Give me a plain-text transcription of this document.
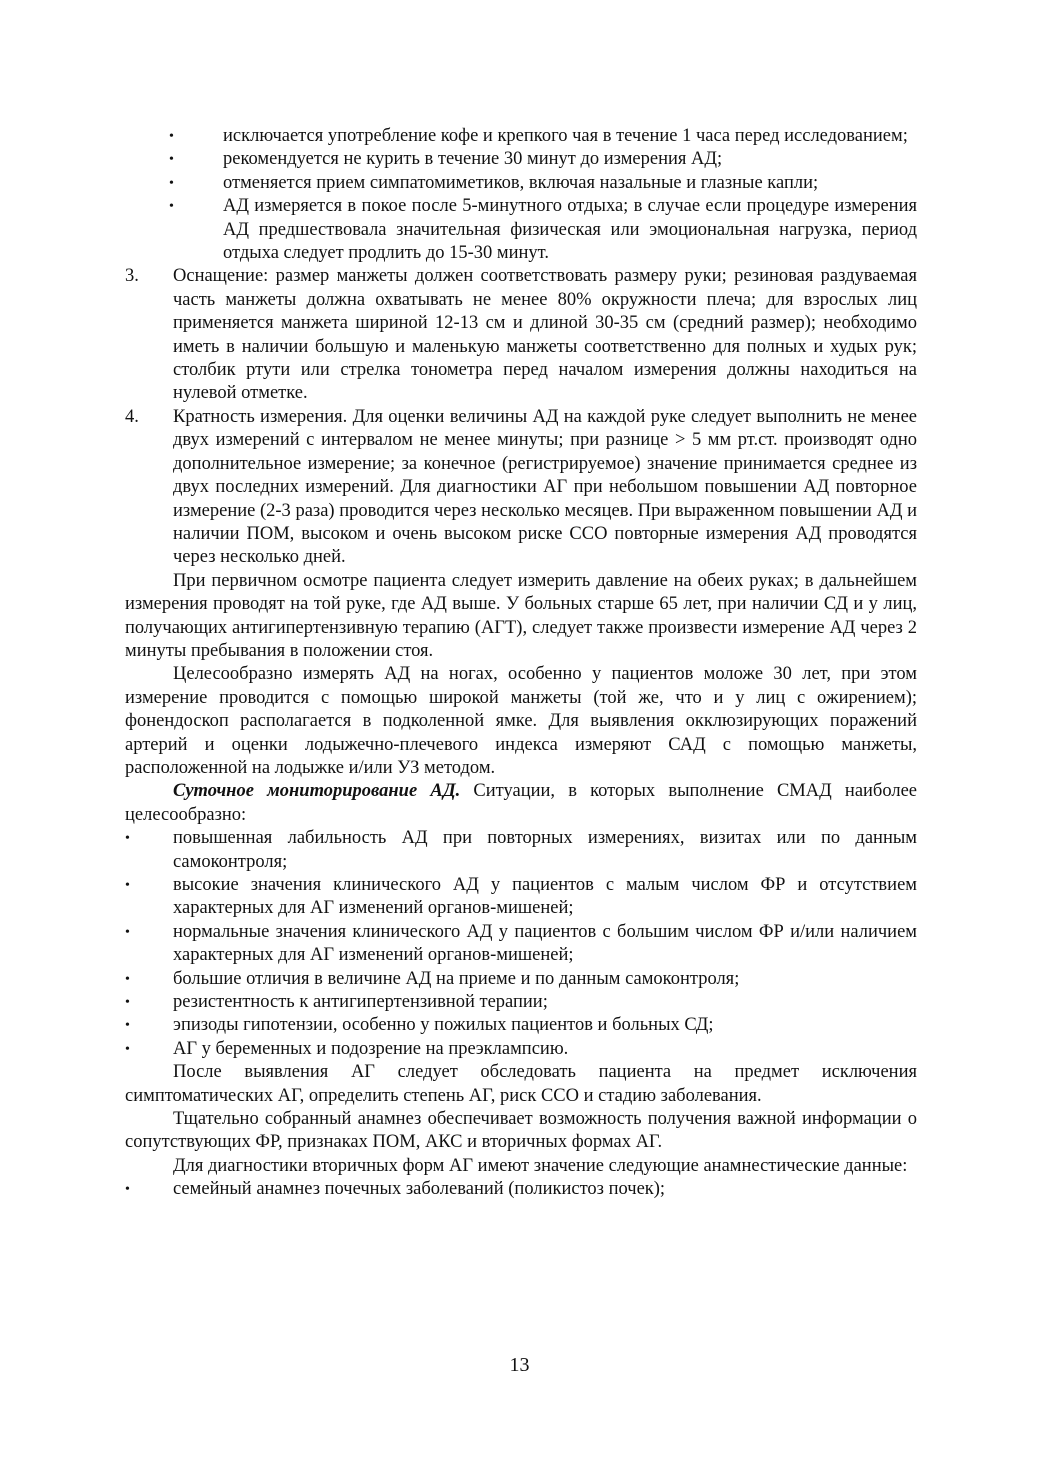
•	исключается употребление кофе и крепкого чая в течение 1 часа перед исследованием;
•	рекомендуется не курить в течение 30 минут до измерения АД;
•	отменяется прием симпатомиметиков, включая назальные и глазные капли;
•	АД измеряется в покое после 5-минутного отдыха; в случае если процедуре измерения АД предшествовала значительная физическая или эмоциональная нагрузка, период отдыха следует продлить до 15-30 минут.
3. Оснащение: размер манжеты должен соответствовать размеру руки; резиновая раздуваемая часть манжеты должна охватывать не менее 80% окружности плеча; для взрослых лиц применяется манжета шириной 12-13 см и длиной 30-35 см (средний размер); необходимо иметь в наличии большую и маленькую манжеты соответственно для полных и худых рук; столбик ртути или стрелка тонометра перед началом измерения должны находиться на нулевой отметке.
4. Кратность измерения. Для оценки величины АД на каждой руке следует выполнить не менее двух измерений с интервалом не менее минуты; при разнице > 5 мм рт.ст. производят одно дополнительное измерение; за конечное (регистрируемое) значение принимается среднее из двух последних измерений. Для диагностики АГ при небольшом повышении АД повторное измерение (2-3 раза) проводится через несколько месяцев. При выраженном повышении АД и наличии ПОМ, высоком и очень высоком риске ССО повторные измерения АД проводятся через несколько дней.

При первичном осмотре пациента следует измерить давление на обеих руках; в дальнейшем измерения проводят на той руке, где АД выше. У больных старше 65 лет, при наличии СД и у лиц, получающих антигипертензивную терапию (АГТ), следует также произвести измерение АД через 2 минуты пребывания в положении стоя.

Целесообразно измерять АД на ногах, особенно у пациентов моложе 30 лет, при этом измерение проводится с помощью широкой манжеты (той же, что и у лиц с ожирением); фонендоскоп располагается в подколенной ямке. Для выявления окклюзирующих поражений артерий и оценки лодыжечно-плечевого индекса измеряют САД с помощью манжеты, расположенной на лодыжке и/или УЗ методом.

Суточное мониторирование АД. Ситуации, в которых выполнение СМАД наиболее целесообразно:

•	повышенная лабильность АД при повторных измерениях, визитах или по данным самоконтроля;
•	высокие значения клинического АД у пациентов с малым числом ФР и отсутствием характерных для АГ изменений органов-мишеней;
•	нормальные значения клинического АД у пациентов с большим числом ФР и/или наличием характерных для АГ изменений органов-мишеней;
•	большие отличия в величине АД на приеме и по данным самоконтроля;
•	резистентность к антигипертензивной терапии;
•	эпизоды гипотензии, особенно у пожилых пациентов и больных СД;
•	АГ у беременных и подозрение на преэклампсию.

После выявления АГ следует обследовать пациента на предмет исключения симптоматических АГ, определить степень АГ, риск ССО и стадию заболевания.

Тщательно собранный анамнез обеспечивает возможность получения важной информации о сопутствующих ФР, признаках ПОМ, АКС и вторичных формах АГ.

Для диагностики вторичных форм АГ имеют значение следующие анамнестические данные:

•	семейный анамнез почечных заболеваний (поликистоз почек);
13
